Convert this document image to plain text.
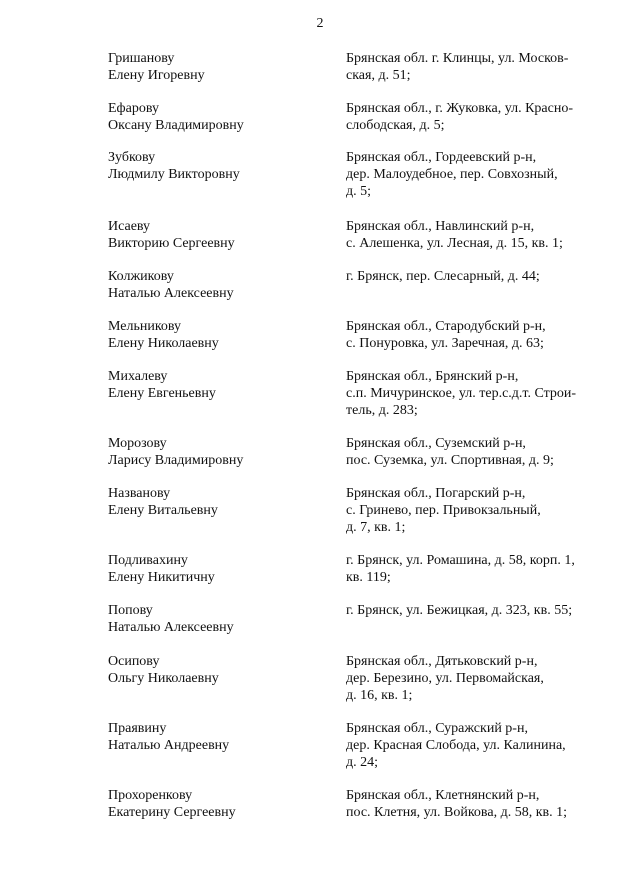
2
Гришанову
Елену Игоревну
Брянская обл. г. Клинцы, ул. Москов-
ская, д. 51;
Ефарову
Оксану Владимировну
Брянская обл., г. Жуковка, ул. Красно-
слободская, д. 5;
Зубкову
Людмилу Викторовну
Брянская обл., Гордеевский р-н,
дер. Малоудебное, пер. Совхозный,
д. 5;
Исаеву
Викторию Сергеевну
Брянская обл., Навлинский р-н,
с. Алешенка, ул. Лесная, д. 15, кв. 1;
Колжикову
Наталью Алексеевну
г. Брянск, пер. Слесарный, д. 44;
Мельникову
Елену Николаевну
Брянская обл., Стародубский р-н,
с. Понуровка, ул. Заречная, д. 63;
Михалеву
Елену Евгеньевну
Брянская обл., Брянский р-н,
с.п. Мичуринское, ул. тер.с.д.т. Строи-
тель, д. 283;
Морозову
Ларису Владимировну
Брянская обл., Суземский р-н,
пос. Суземка, ул. Спортивная, д. 9;
Названову
Елену Витальевну
Брянская обл., Погарский р-н,
с. Гринево, пер. Привокзальный,
д. 7, кв. 1;
Подливахину
Елену Никитичну
г. Брянск, ул. Ромашина, д. 58, корп. 1,
кв. 119;
Попову
Наталью Алексеевну
г. Брянск, ул. Бежицкая, д. 323, кв. 55;
Осипову
Ольгу Николаевну
Брянская обл., Дятьковский р-н,
дер. Березино, ул. Первомайская,
д. 16, кв. 1;
Праявину
Наталью Андреевну
Брянская обл., Суражский р-н,
дер. Красная Слобода, ул. Калинина,
д. 24;
Прохоренкову
Екатерину Сергеевну
Брянская обл., Клетнянский р-н,
пос. Клетня, ул. Войкова, д. 58, кв. 1;
